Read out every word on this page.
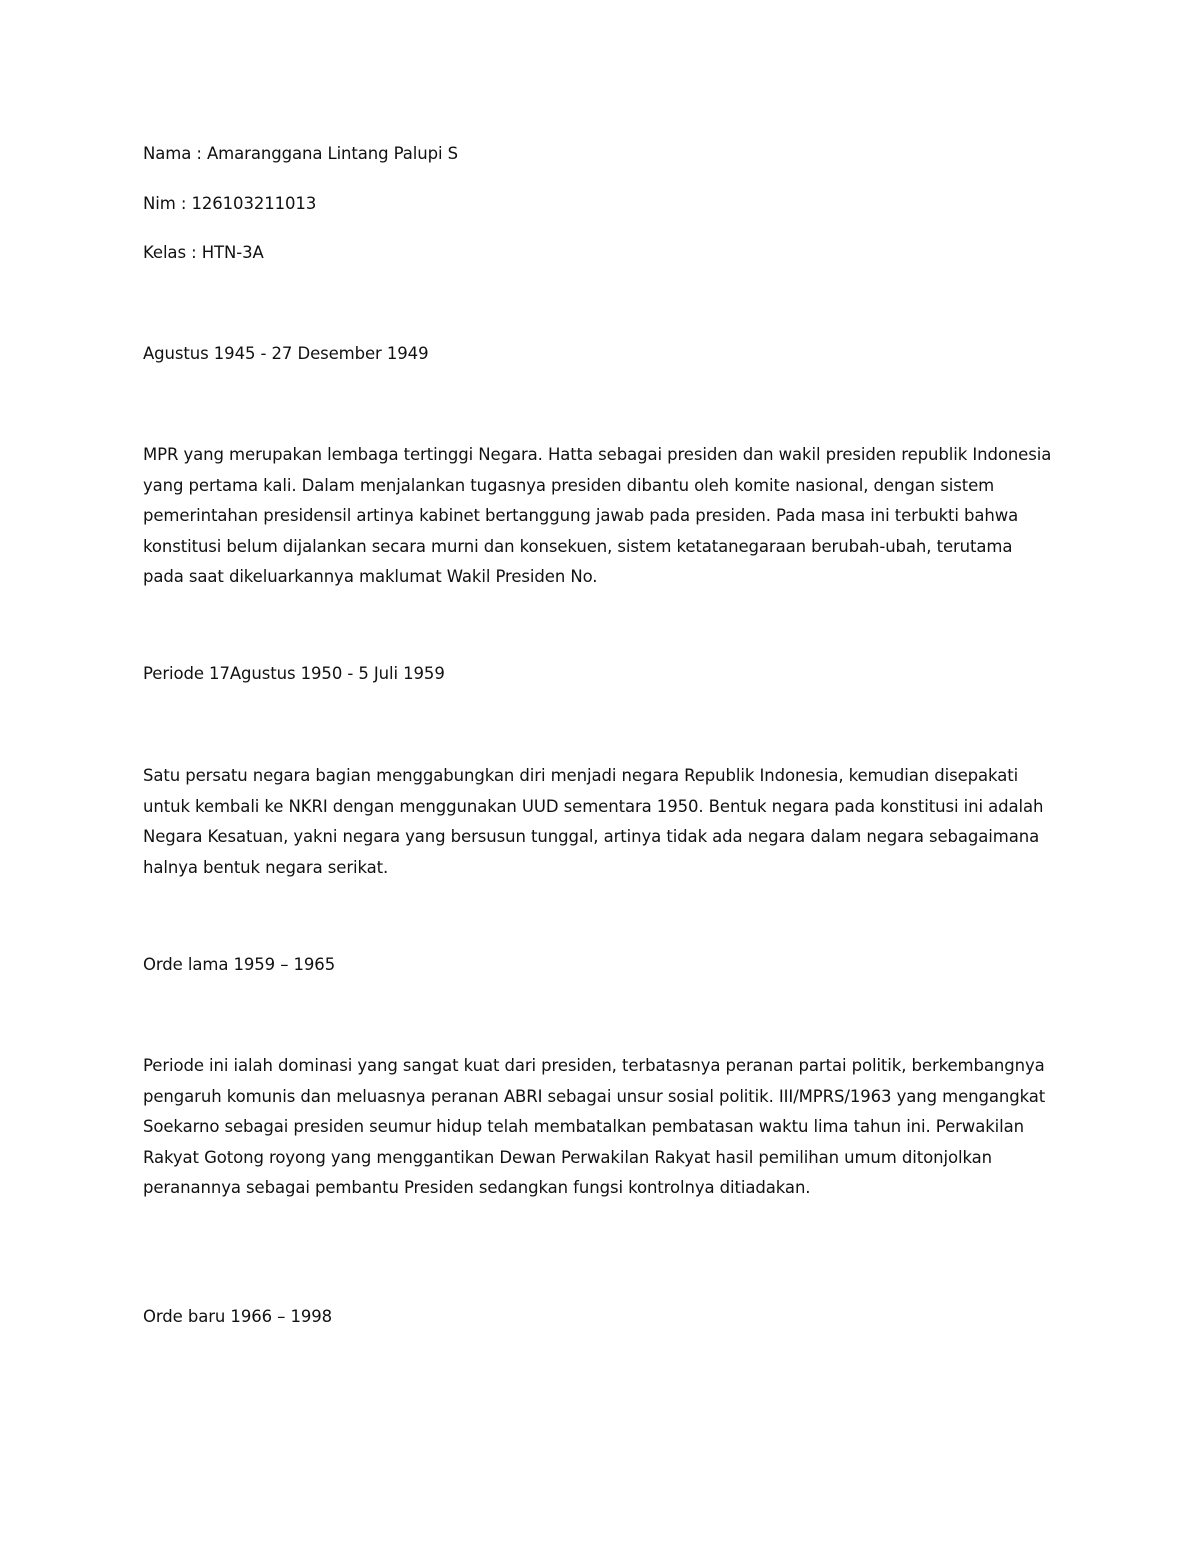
Nama : Amaranggana Lintang Palupi S
Nim : 126103211013
Kelas : HTN-3A
Agustus 1945 - 27 Desember 1949
MPR yang merupakan lembaga tertinggi Negara. Hatta sebagai presiden dan wakil presiden republik Indonesia yang pertama kali. Dalam menjalankan tugasnya presiden dibantu oleh komite nasional, dengan sistem pemerintahan presidensil artinya kabinet bertanggung jawab pada presiden. Pada masa ini terbukti bahwa konstitusi belum dijalankan secara murni dan konsekuen, sistem ketatanegaraan berubah-ubah, terutama pada saat dikeluarkannya maklumat Wakil Presiden No.
Periode 17Agustus 1950 - 5 Juli 1959
Satu persatu negara bagian menggabungkan diri menjadi negara Republik Indonesia, kemudian disepakati untuk kembali ke NKRI dengan menggunakan UUD sementara 1950. Bentuk negara pada konstitusi ini adalah Negara Kesatuan, yakni negara yang bersusun tunggal, artinya tidak ada negara dalam negara sebagaimana halnya bentuk negara serikat.
Orde lama 1959 – 1965
Periode ini ialah dominasi yang sangat kuat dari presiden, terbatasnya peranan partai politik, berkembangnya pengaruh komunis dan meluasnya peranan ABRI sebagai unsur sosial politik. III/MPRS/1963 yang mengangkat Soekarno sebagai presiden seumur hidup telah membatalkan pembatasan waktu lima tahun ini. Perwakilan Rakyat Gotong royong yang menggantikan Dewan Perwakilan Rakyat hasil pemilihan umum ditonjolkan peranannya sebagai pembantu Presiden sedangkan fungsi kontrolnya ditiadakan.
Orde baru 1966 – 1998
